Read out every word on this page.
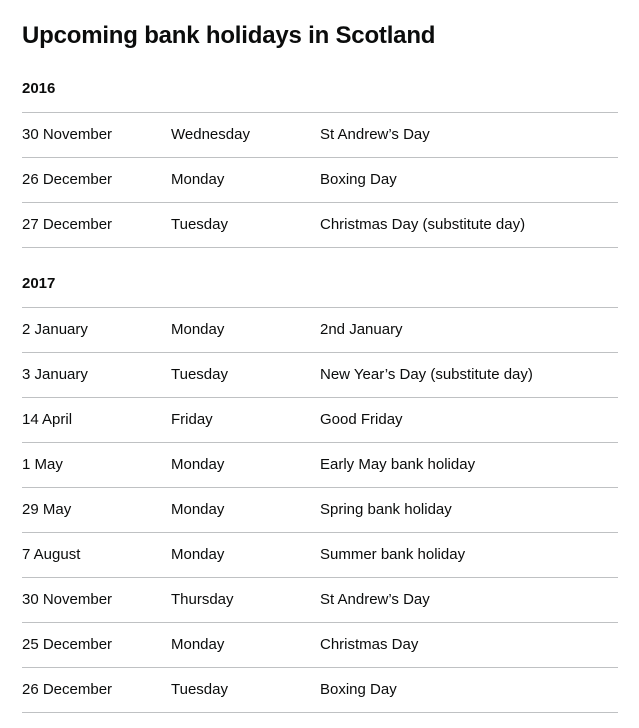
Upcoming bank holidays in Scotland
2016
30 November	Wednesday	St Andrew’s Day
26 December	Monday	Boxing Day
27 December	Tuesday	Christmas Day (substitute day)
2017
2 January	Monday	2nd January
3 January	Tuesday	New Year’s Day (substitute day)
14 April	Friday	Good Friday
1 May	Monday	Early May bank holiday
29 May	Monday	Spring bank holiday
7 August	Monday	Summer bank holiday
30 November	Thursday	St Andrew’s Day
25 December	Monday	Christmas Day
26 December	Tuesday	Boxing Day
